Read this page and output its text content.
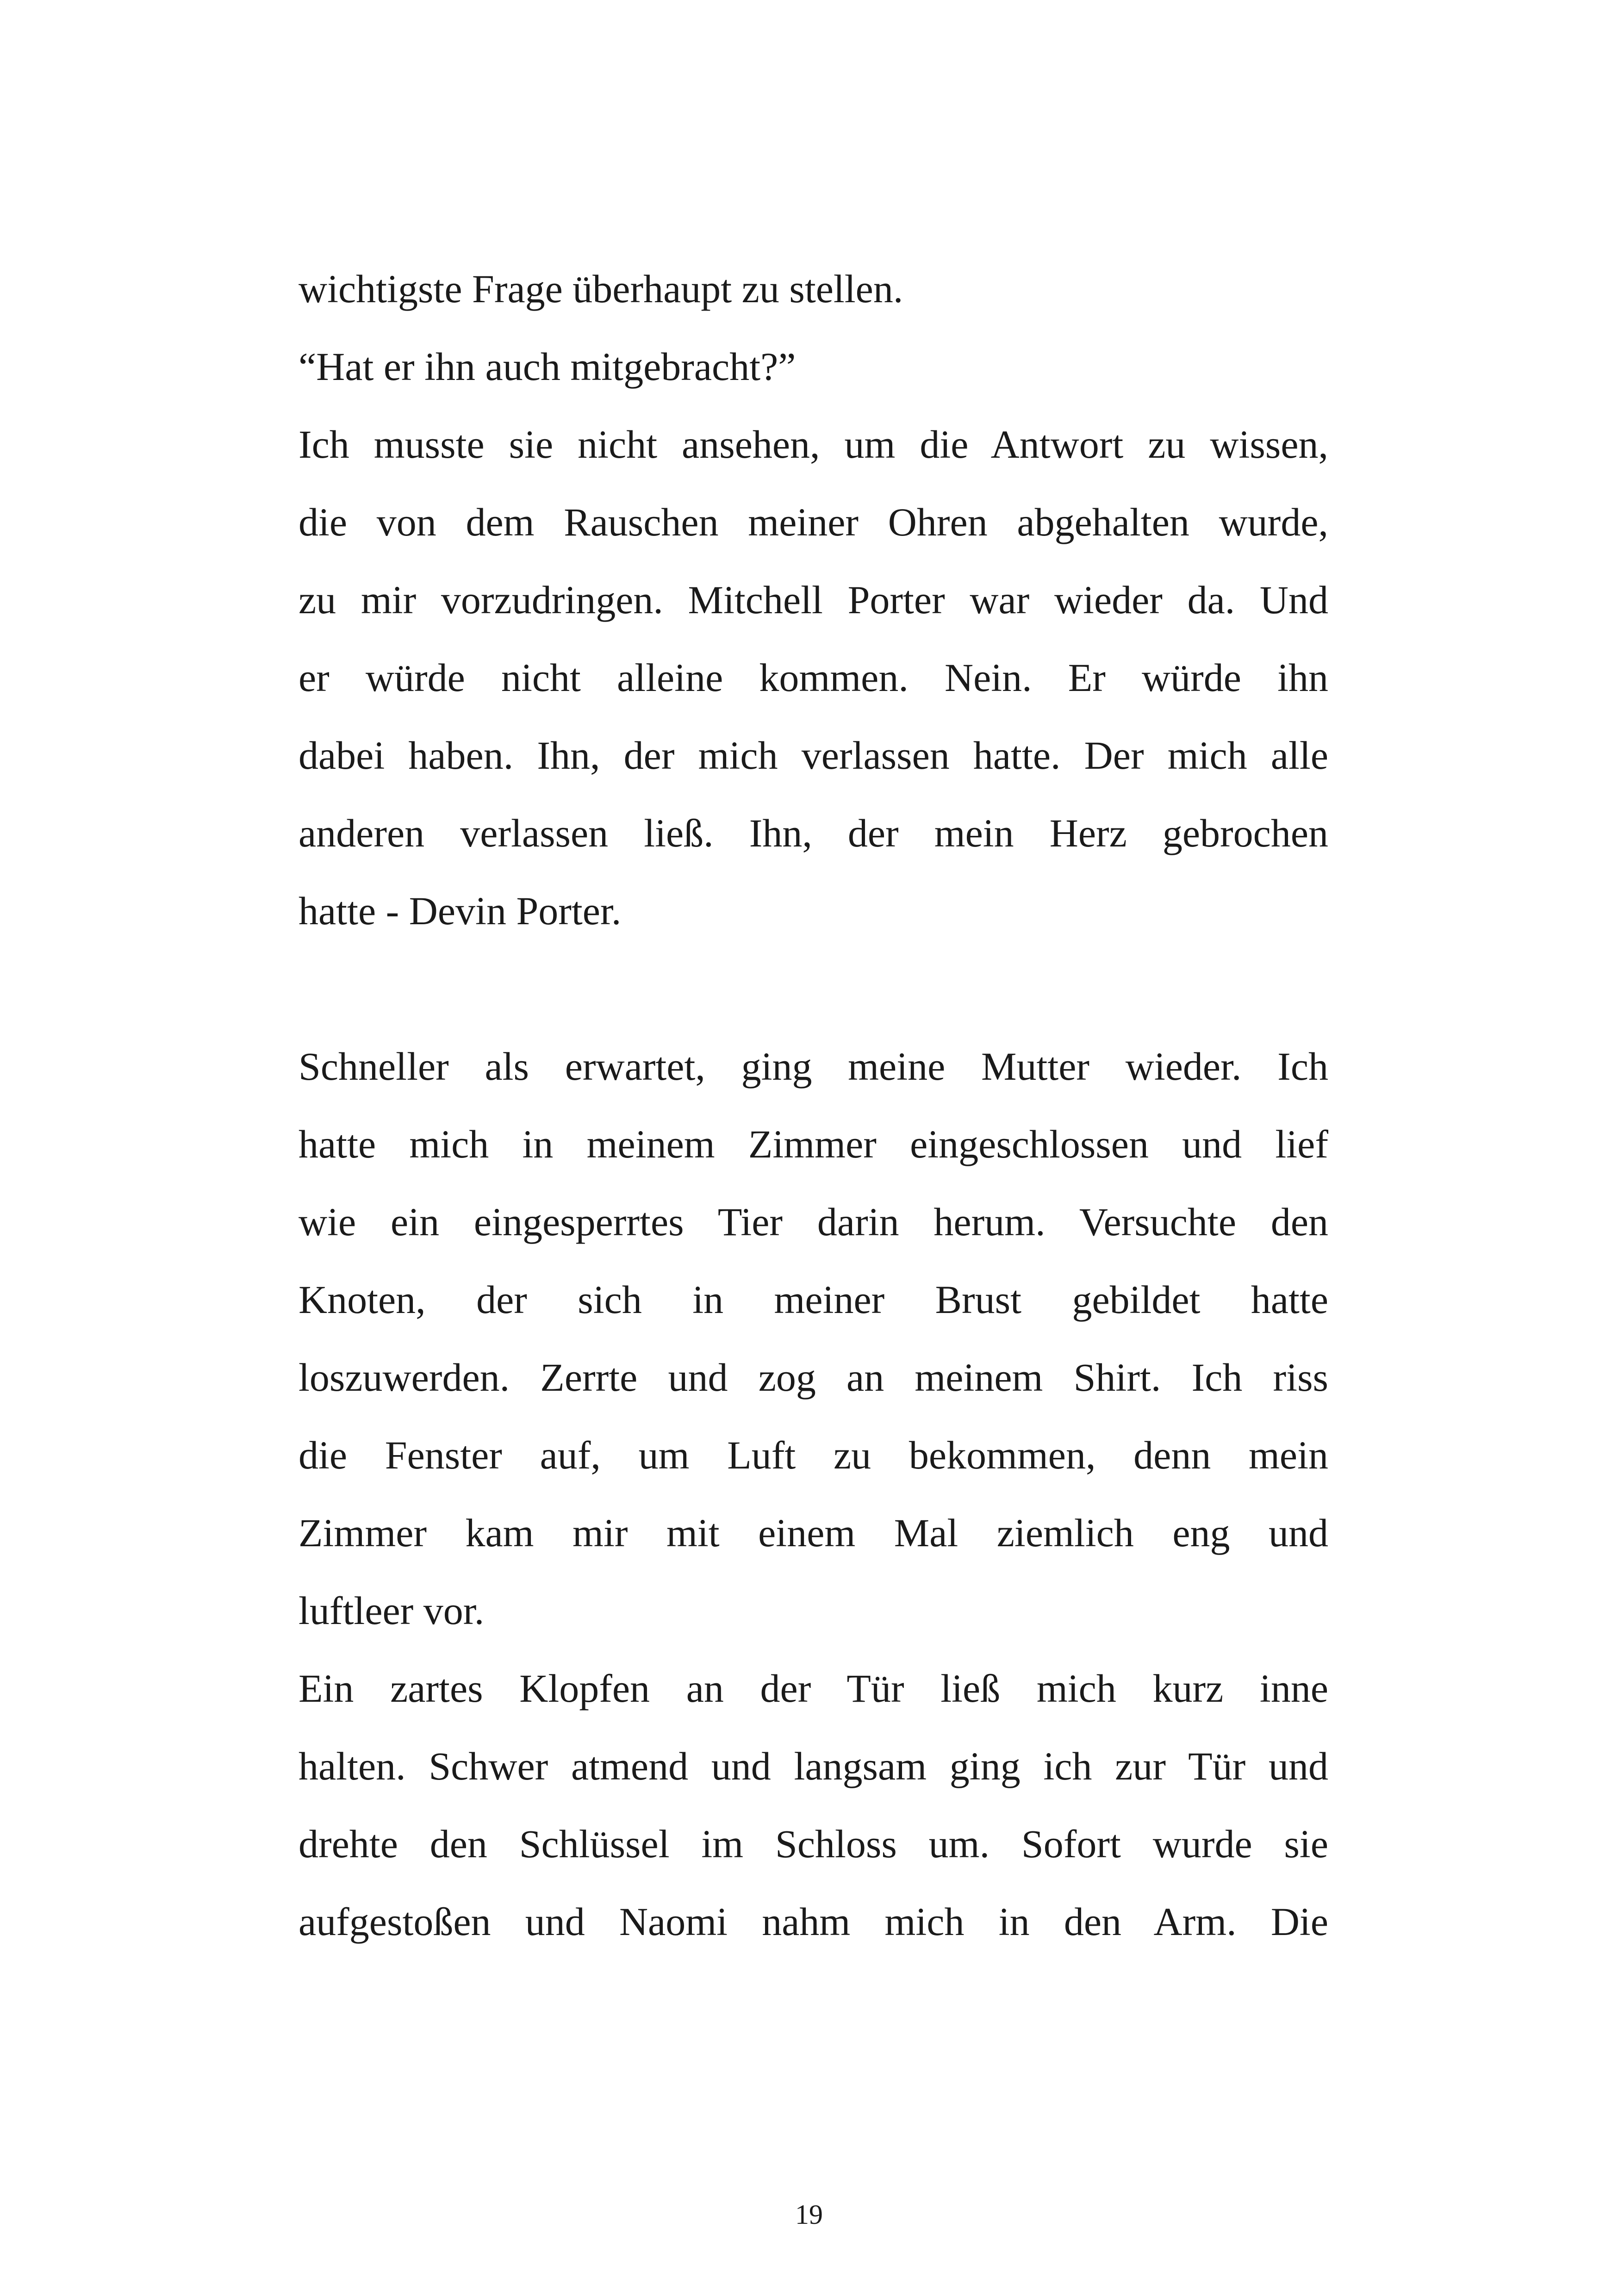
wichtigste Frage überhaupt zu stellen.
“Hat er ihn auch mitgebracht?”
Ich musste sie nicht ansehen, um die Antwort zu wissen,
die von dem Rauschen meiner Ohren abgehalten wurde,
zu mir vorzudringen. Mitchell Porter war wieder da. Und
er würde nicht alleine kommen. Nein. Er würde ihn
dabei haben. Ihn, der mich verlassen hatte. Der mich alle
anderen verlassen ließ. Ihn, der mein Herz gebrochen
hatte - Devin Porter.
Schneller als erwartet, ging meine Mutter wieder. Ich
hatte mich in meinem Zimmer eingeschlossen und lief
wie ein eingesperrtes Tier darin herum. Versuchte den
Knoten, der sich in meiner Brust gebildet hatte
loszuwerden. Zerrte und zog an meinem Shirt. Ich riss
die Fenster auf, um Luft zu bekommen, denn mein
Zimmer kam mir mit einem Mal ziemlich eng und
luftleer vor.
Ein zartes Klopfen an der Tür ließ mich kurz inne
halten. Schwer atmend und langsam ging ich zur Tür und
drehte den Schlüssel im Schloss um. Sofort wurde sie
aufgestoßen und Naomi nahm mich in den Arm. Die
19
